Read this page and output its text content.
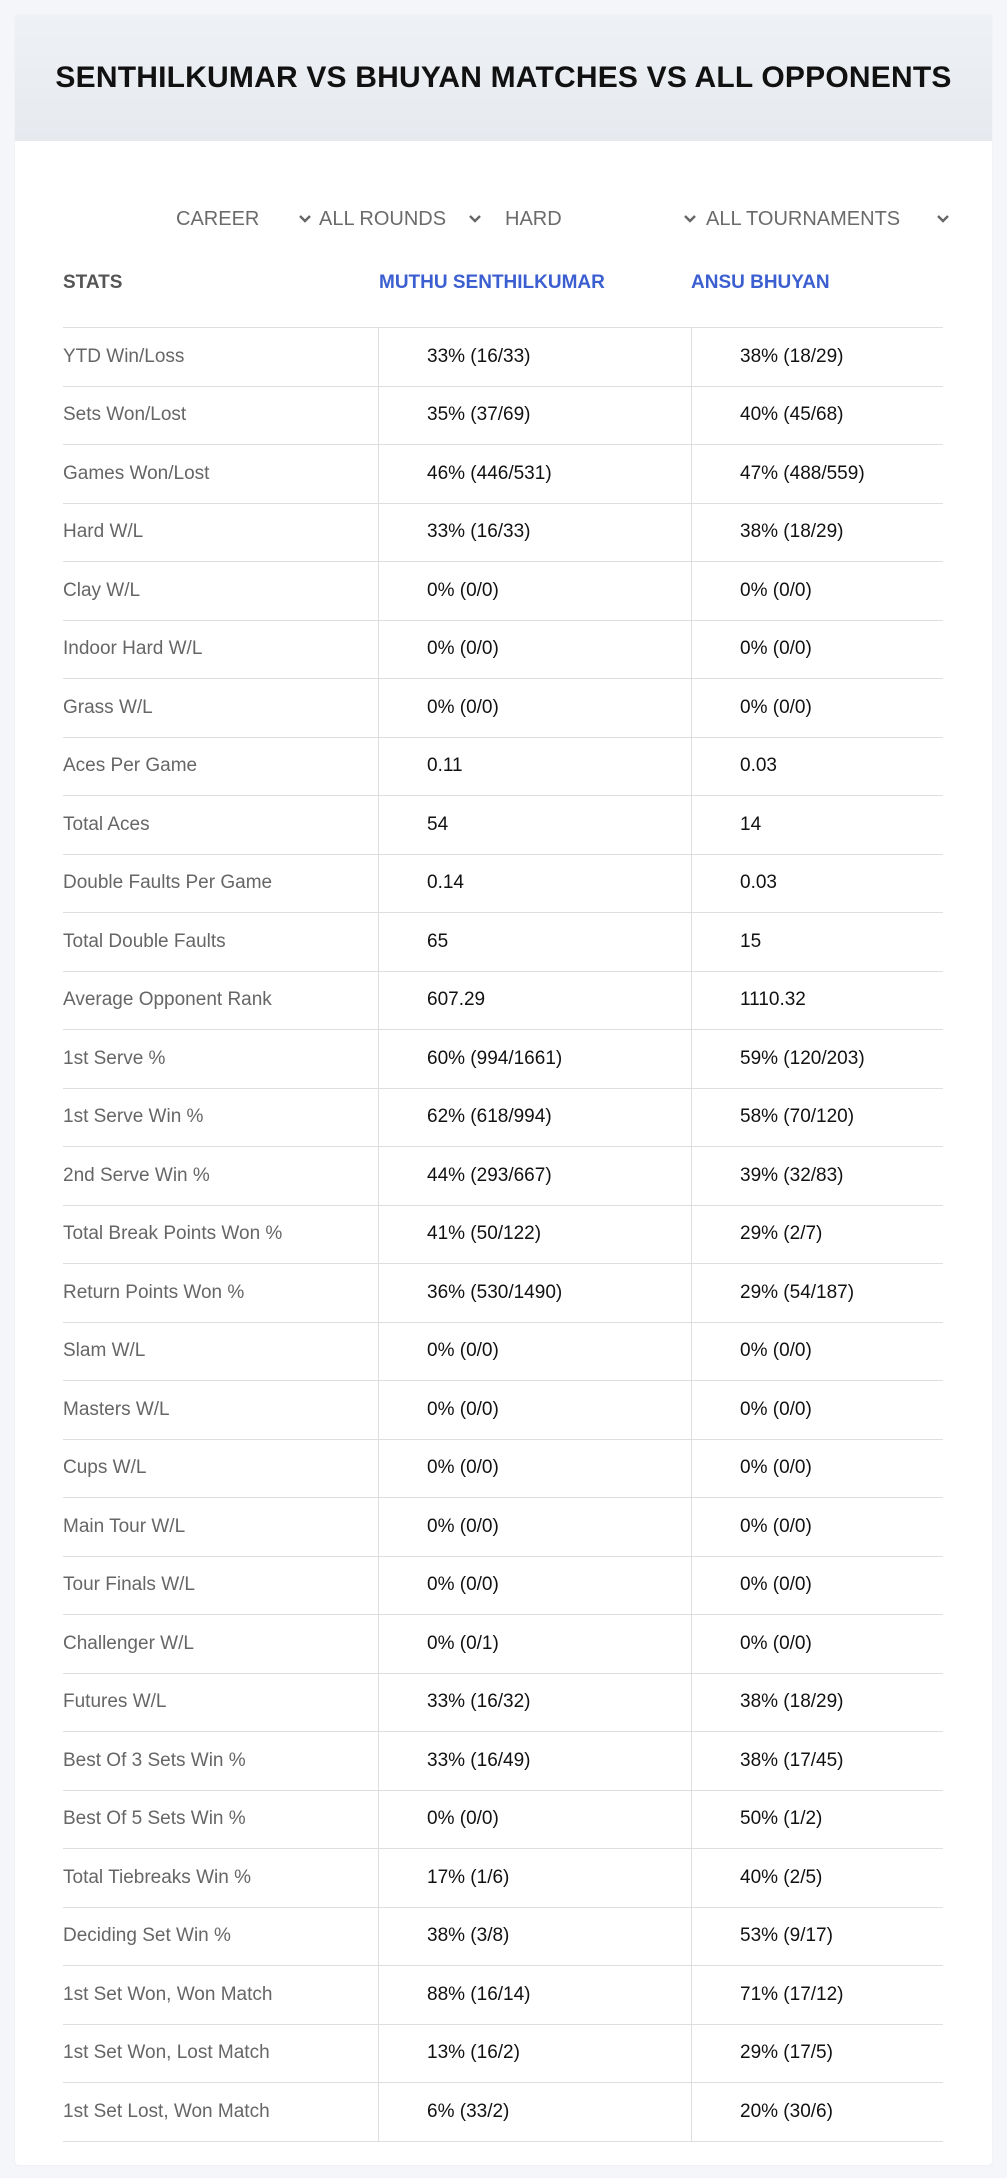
SENTHILKUMAR VS BHUYAN MATCHES VS ALL OPPONENTS
CAREER	ALL ROUNDS	HARD	ALL TOURNAMENTS
STATS	MUTHU SENTHILKUMAR	ANSU BHUYAN
YTD Win/Loss	33% (16/33)	38% (18/29)
Sets Won/Lost	35% (37/69)	40% (45/68)
Games Won/Lost	46% (446/531)	47% (488/559)
Hard W/L	33% (16/33)	38% (18/29)
Clay W/L	0% (0/0)	0% (0/0)
Indoor Hard W/L	0% (0/0)	0% (0/0)
Grass W/L	0% (0/0)	0% (0/0)
Aces Per Game	0.11	0.03
Total Aces	54	14
Double Faults Per Game	0.14	0.03
Total Double Faults	65	15
Average Opponent Rank	607.29	1110.32
1st Serve %	60% (994/1661)	59% (120/203)
1st Serve Win %	62% (618/994)	58% (70/120)
2nd Serve Win %	44% (293/667)	39% (32/83)
Total Break Points Won %	41% (50/122)	29% (2/7)
Return Points Won %	36% (530/1490)	29% (54/187)
Slam W/L	0% (0/0)	0% (0/0)
Masters W/L	0% (0/0)	0% (0/0)
Cups W/L	0% (0/0)	0% (0/0)
Main Tour W/L	0% (0/0)	0% (0/0)
Tour Finals W/L	0% (0/0)	0% (0/0)
Challenger W/L	0% (0/1)	0% (0/0)
Futures W/L	33% (16/32)	38% (18/29)
Best Of 3 Sets Win %	33% (16/49)	38% (17/45)
Best Of 5 Sets Win %	0% (0/0)	50% (1/2)
Total Tiebreaks Win %	17% (1/6)	40% (2/5)
Deciding Set Win %	38% (3/8)	53% (9/17)
1st Set Won, Won Match	88% (16/14)	71% (17/12)
1st Set Won, Lost Match	13% (16/2)	29% (17/5)
1st Set Lost, Won Match	6% (33/2)	20% (30/6)
